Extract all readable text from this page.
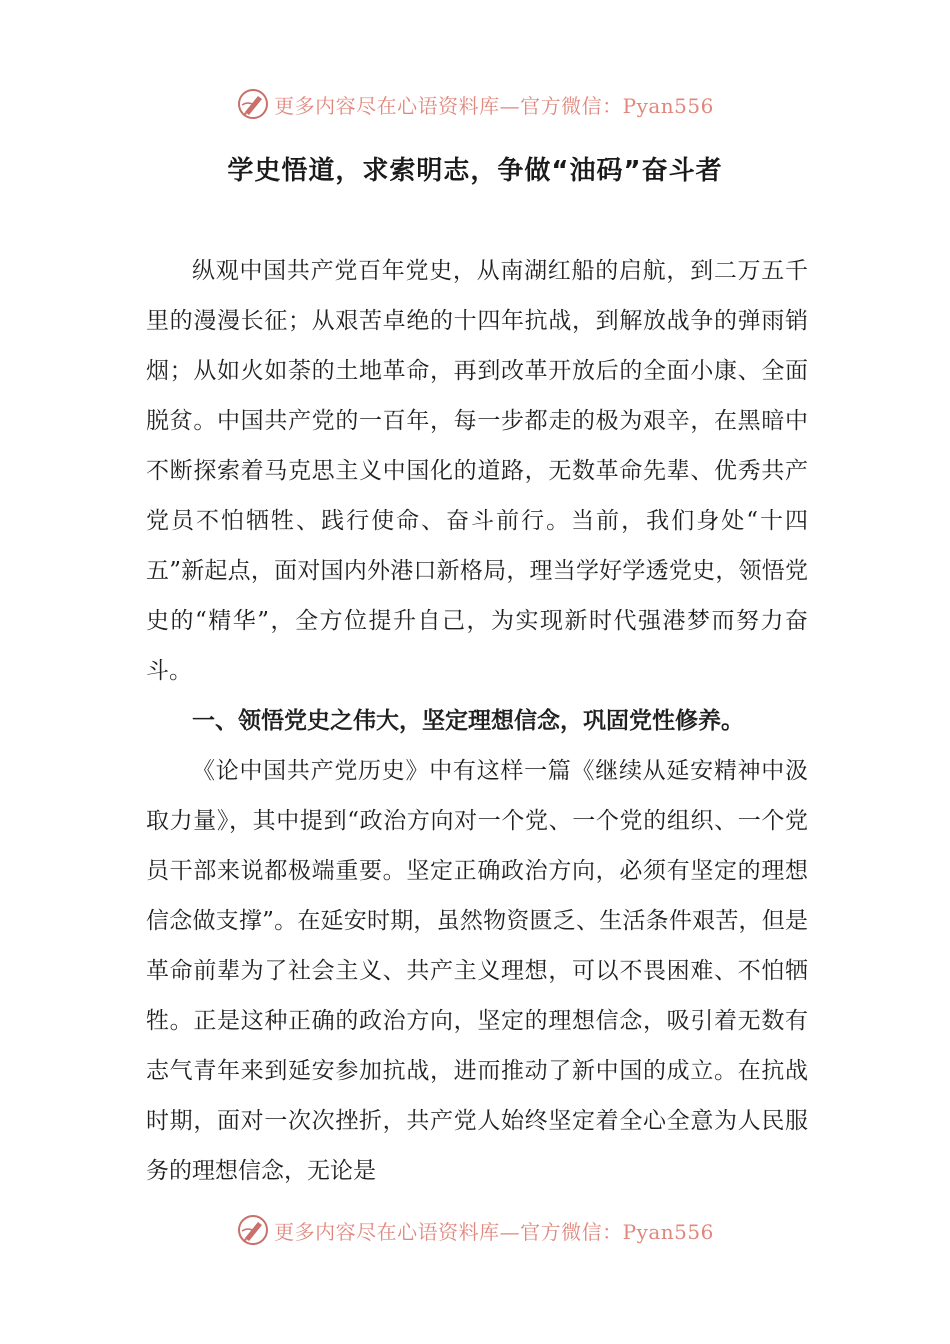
更多内容尽在心语资料库—官方微信：Pyan556
学史悟道，求索明志，争做“油码”奋斗者

纵观中国共产党百年党史，从南湖红船的启航，到二万五千里的漫漫长征；从艰苦卓绝的十四年抗战，到解放战争的弹雨销烟；从如火如荼的土地革命，再到改革开放后的全面小康、全面脱贫。中国共产党的一百年，每一步都走的极为艰辛，在黑暗中不断探索着马克思主义中国化的道路，无数革命先辈、优秀共产党员不怕牺牲、践行使命、奋斗前行。当前，我们身处“十四五”新起点，面对国内外港口新格局，理当学好学透党史，领悟党史的“精华”，全方位提升自己，为实现新时代强港梦而努力奋斗。

一、领悟党史之伟大，坚定理想信念，巩固党性修养。

《论中国共产党历史》中有这样一篇《继续从延安精神中汲取力量》，其中提到“政治方向对一个党、一个党的组织、一个党员干部来说都极端重要。坚定正确政治方向，必须有坚定的理想信念做支撑”。在延安时期，虽然物资匮乏、生活条件艰苦，但是革命前辈为了社会主义、共产主义理想，可以不畏困难、不怕牺牲。正是这种正确的政治方向，坚定的理想信念，吸引着无数有志气青年来到延安参加抗战，进而推动了新中国的成立。在抗战时期，面对一次次挫折，共产党人始终坚定着全心全意为人民服务的理想信念，无论是

更多内容尽在心语资料库—官方微信：Pyan556
